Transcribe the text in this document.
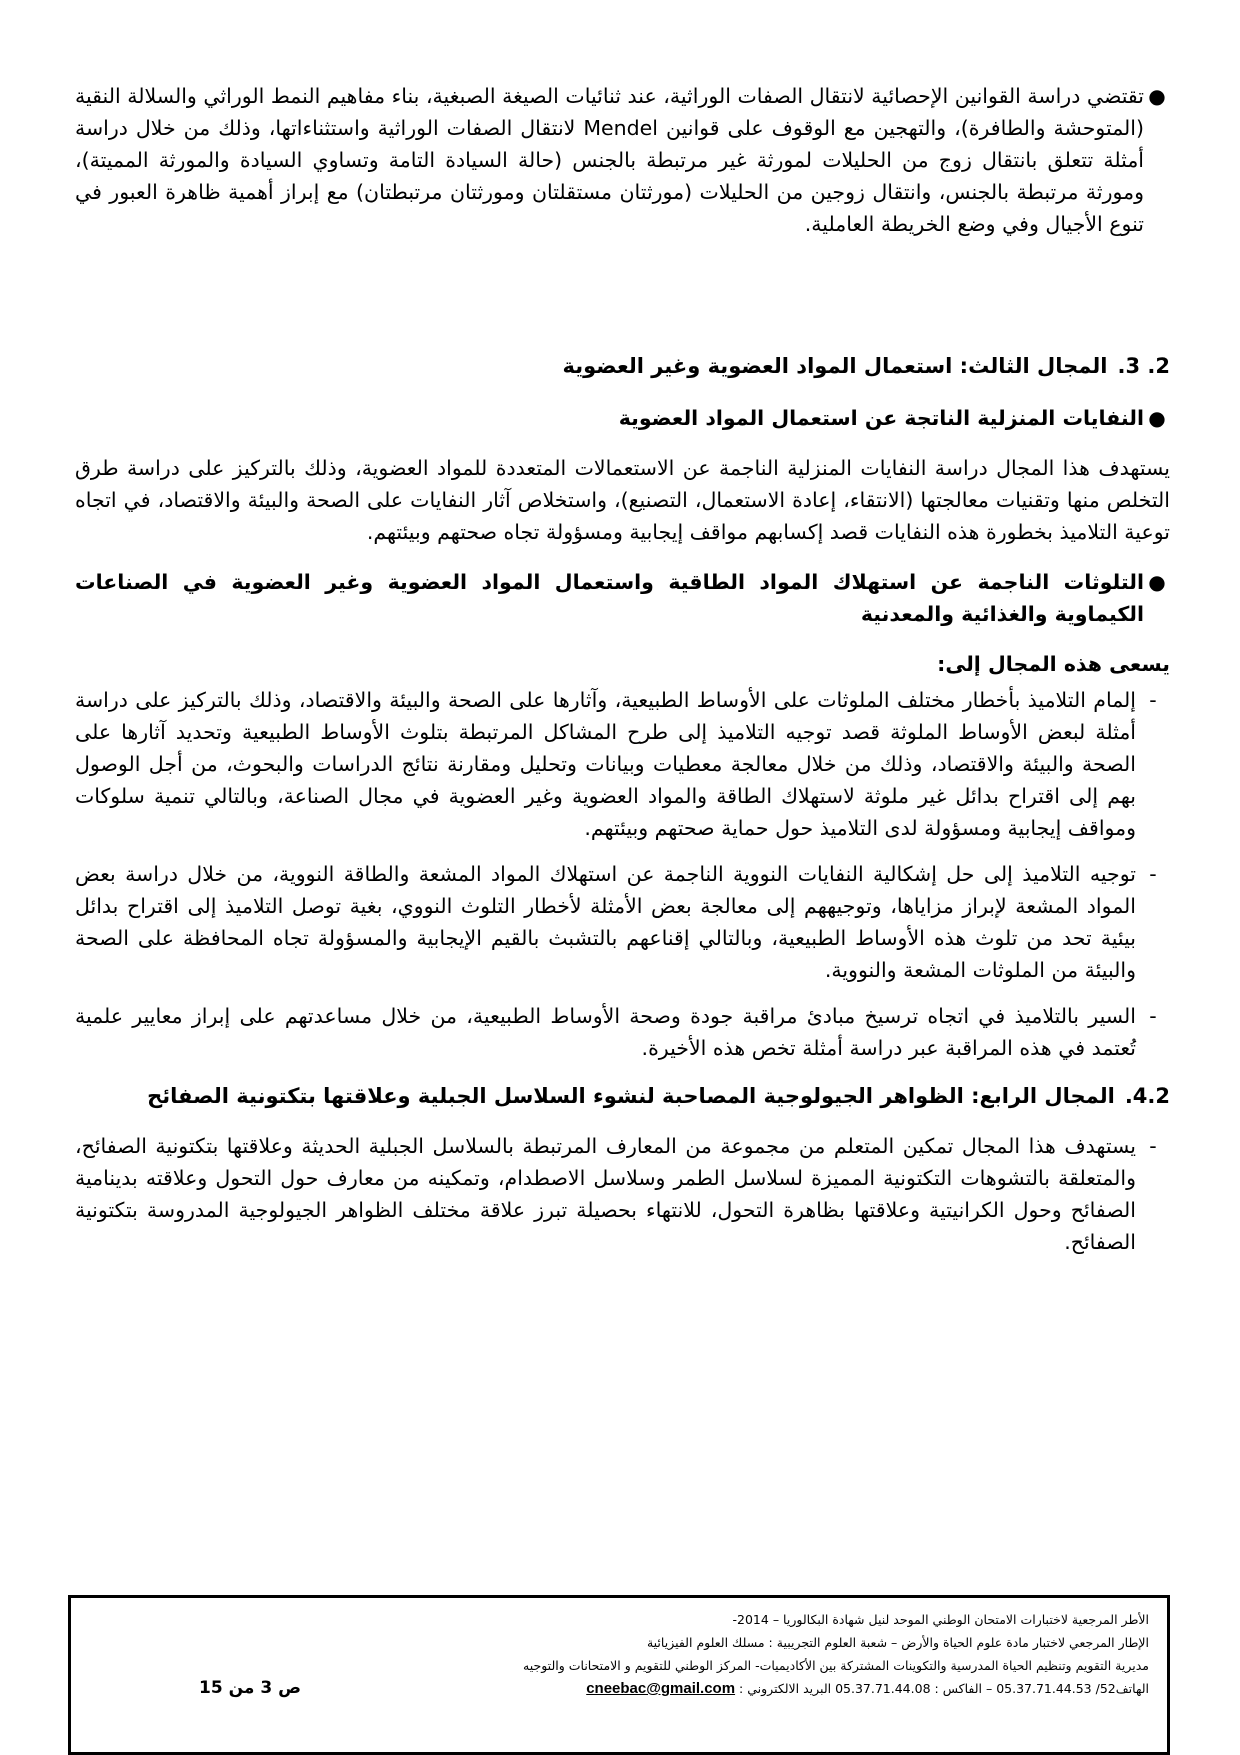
●
تقتضي دراسة القوانين الإحصائية لانتقال الصفات الوراثية، عند ثنائيات الصيغة الصبغية، بناء مفاهيم النمط الوراثي والسلالة النقية (المتوحشة والطافرة)، والتهجين مع الوقوف على قوانين Mendel لانتقال الصفات الوراثية واستثناءاتها، وذلك من خلال دراسة أمثلة تتعلق بانتقال زوج من الحليلات لمورثة غير مرتبطة بالجنس (حالة السيادة التامة وتساوي السيادة والمورثة المميتة)، ومورثة مرتبطة بالجنس، وانتقال زوجين من الحليلات (مورثتان مستقلتان ومورثتان مرتبطتان) مع إبراز أهمية ظاهرة العبور في تنوع الأجيال وفي وضع الخريطة العاملية.
2. 3.
المجال الثالث: استعمال المواد العضوية وغير العضوية
●
النفايات المنزلية الناتجة عن استعمال المواد العضوية
يستهدف هذا المجال دراسة النفايات المنزلية الناجمة عن الاستعمالات المتعددة للمواد العضوية، وذلك بالتركيز على دراسة طرق التخلص منها وتقنيات معالجتها (الانتقاء، إعادة الاستعمال، التصنيع)، واستخلاص آثار النفايات على الصحة والبيئة والاقتصاد، في اتجاه توعية التلاميذ بخطورة هذه النفايات قصد إكسابهم مواقف إيجابية ومسؤولة تجاه صحتهم وبيئتهم.
●
التلوثات الناجمة عن استهلاك المواد الطاقية واستعمال المواد العضوية وغير العضوية في الصناعات الكيماوية والغذائية والمعدنية
يسعى هذه المجال إلى:
-
إلمام التلاميذ بأخطار مختلف الملوثات على الأوساط الطبيعية، وآثارها على الصحة والبيئة والاقتصاد، وذلك بالتركيز على دراسة أمثلة لبعض الأوساط الملوثة قصد توجيه التلاميذ إلى طرح المشاكل المرتبطة بتلوث الأوساط الطبيعية وتحديد آثارها على الصحة والبيئة والاقتصاد، وذلك من خلال معالجة معطيات وبيانات وتحليل ومقارنة نتائج الدراسات والبحوث، من أجل الوصول بهم إلى اقتراح بدائل غير ملوثة لاستهلاك الطاقة والمواد العضوية وغير العضوية في مجال الصناعة، وبالتالي تنمية سلوكات ومواقف إيجابية ومسؤولة لدى التلاميذ حول حماية صحتهم وبيئتهم.
-
توجيه التلاميذ إلى حل إشكالية النفايات النووية الناجمة عن استهلاك المواد المشعة والطاقة النووية، من خلال دراسة بعض المواد المشعة لإبراز مزاياها، وتوجيههم إلى معالجة بعض الأمثلة لأخطار التلوث النووي، بغية توصل التلاميذ إلى اقتراح بدائل بيئية تحد من تلوث هذه الأوساط الطبيعية، وبالتالي إقناعهم بالتشبث بالقيم الإيجابية والمسؤولة تجاه المحافظة على الصحة والبيئة من الملوثات المشعة والنووية.
-
السير بالتلاميذ في اتجاه ترسيخ مبادئ مراقبة جودة وصحة الأوساط الطبيعية، من خلال مساعدتهم على إبراز معايير علمية تُعتمد في هذه المراقبة عبر دراسة أمثلة تخص هذه الأخيرة.
4.2.
المجال الرابع: الظواهر الجيولوجية المصاحبة لنشوء السلاسل الجبلية وعلاقتها بتكتونية الصفائح
-
يستهدف هذا المجال تمكين المتعلم من مجموعة من المعارف المرتبطة بالسلاسل الجبلية الحديثة وعلاقتها بتكتونية الصفائح، والمتعلقة بالتشوهات التكتونية المميزة لسلاسل الطمر وسلاسل الاصطدام، وتمكينه من معارف حول التحول وعلاقته بدينامية الصفائح وحول الكرانيتية وعلاقتها بظاهرة التحول، للانتهاء بحصيلة تبرز علاقة مختلف الظواهر الجيولوجية المدروسة بتكتونية الصفائح.
الأطر المرجعية لاختبارات الامتحان الوطني الموحد لنيل شهادة البكالوريا – 2014-
الإطار المرجعي لاختبار مادة علوم الحياة والأرض – شعبة العلوم التجريبية : مسلك العلوم الفيزيائية
مديرية التقويم وتنظيم الحياة المدرسية والتكوينات المشتركة بين الأكاديميات- المركز الوطني للتقويم و الامتحانات والتوجيه
الهاتف52/ 05.37.71.44.53 – الفاكس : 05.37.71.44.08 البريد الالكتروني : cneebac@gmail.com
ص 3 من 15
